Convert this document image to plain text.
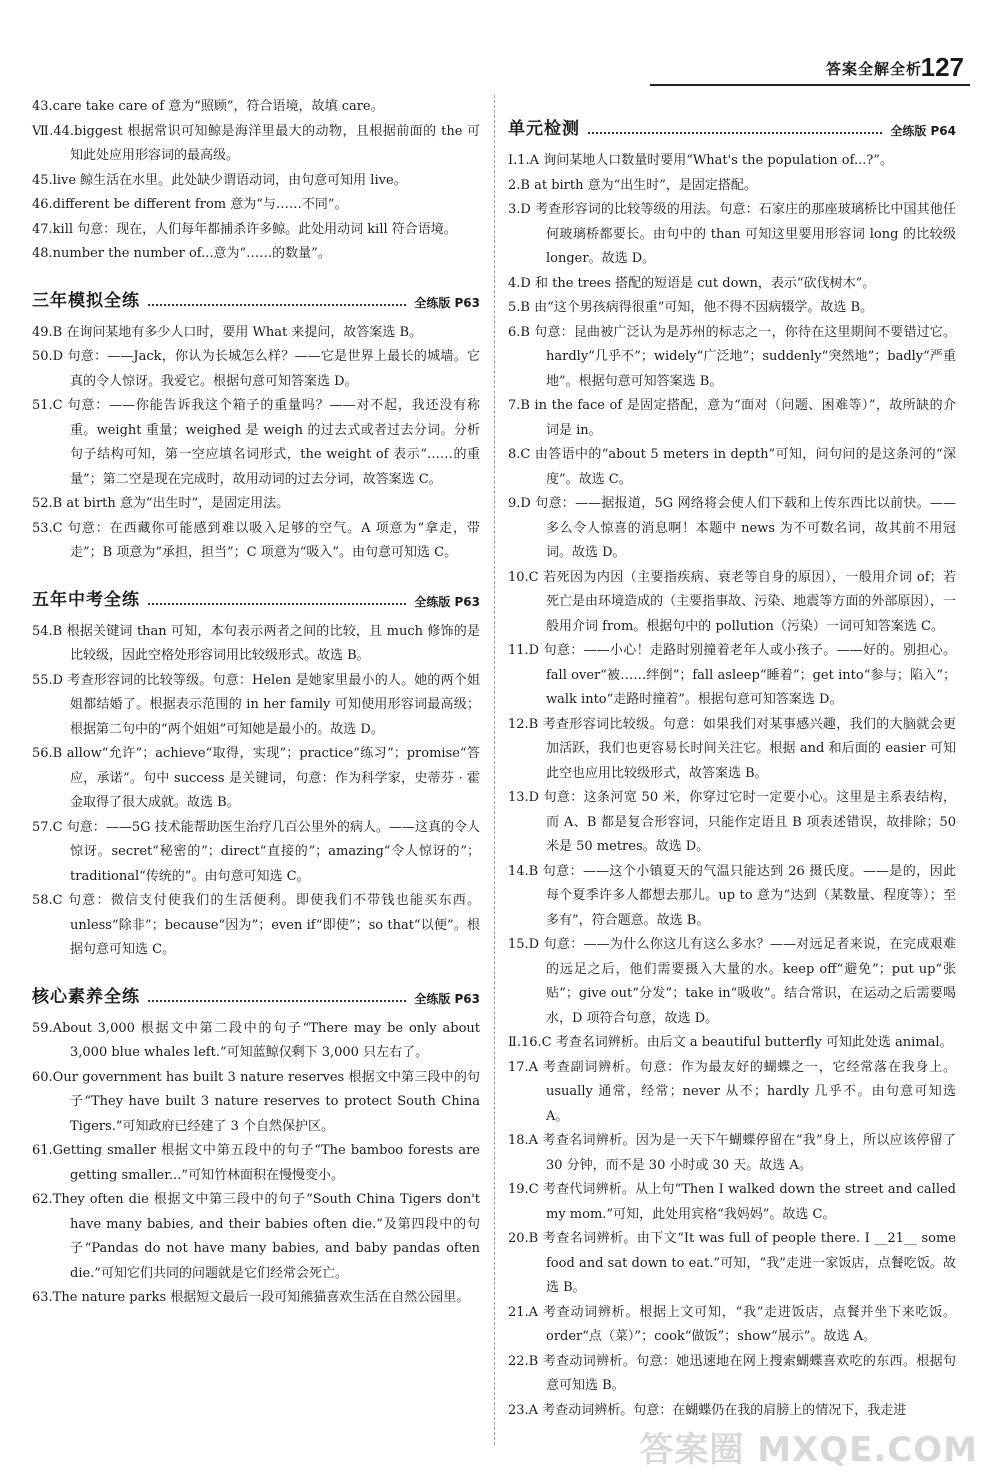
答案全解全析
127

43.care take care of 意为“照顾”，符合语境，故填 care。

Ⅶ.44.biggest 根据常识可知鲸是海洋里最大的动物，且根据前面的 the 可知此处应用形容词的最高级。

45.live 鲸生活在水里。此处缺少谓语动词，由句意可知用 live。

46.different be different from 意为“与……不同”。

47.kill 句意：现在，人们每年都捕杀许多鲸。此处用动词 kill 符合语境。

48.number the number of...意为“……的数量”。

三年模拟全练	全练版 P63

49.B 在询问某地有多少人口时，要用 What 来提问，故答案选 B。

50.D 句意：——Jack，你认为长城怎么样？——它是世界上最长的城墙。它真的令人惊讶。我爱它。根据句意可知答案选 D。

51.C 句意：——你能告诉我这个箱子的重量吗？——对不起，我还没有称重。weight 重量；weighed 是 weigh 的过去式或者过去分词。分析句子结构可知，第一空应填名词形式，the weight of 表示“……的重量”；第二空是现在完成时，故用动词的过去分词，故答案选 C。

52.B at birth 意为“出生时”，是固定用法。

53.C 句意：在西藏你可能感到难以吸入足够的空气。A 项意为“拿走，带走”；B 项意为“承担，担当”；C 项意为“吸入”。由句意可知选 C。

五年中考全练	全练版 P63

54.B 根据关键词 than 可知，本句表示两者之间的比较，且 much 修饰的是比较级，因此空格处形容词用比较级形式。故选 B。

55.D 考查形容词的比较等级。句意：Helen 是她家里最小的人。她的两个姐姐都结婚了。根据表示范围的 in her family 可知使用形容词最高级；根据第二句中的“两个姐姐”可知她是最小的。故选 D。

56.B allow“允许”；achieve“取得，实现”；practice“练习”；promise“答应，承诺”。句中 success 是关键词，句意：作为科学家，史蒂芬 · 霍金取得了很大成就。故选 B。

57.C 句意：——5G 技术能帮助医生治疗几百公里外的病人。——这真的令人惊讶。secret“秘密的”；direct“直接的”；amazing“令人惊讶的”；traditional“传统的”。由句意可知选 C。

58.C 句意：微信支付使我们的生活便利。即使我们不带钱也能买东西。unless“除非”；because“因为”；even if“即使”；so that“以便”。根据句意可知选 C。

核心素养全练	全练版 P63

59.About 3,000 根据文中第二段中的句子“There may be only about 3,000 blue whales left.”可知蓝鲸仅剩下 3,000 只左右了。

60.Our government has built 3 nature reserves 根据文中第三段中的句子“They have built 3 nature reserves to protect South China Tigers.”可知政府已经建了 3 个自然保护区。

61.Getting smaller 根据文中第五段中的句子“The bamboo forests are getting smaller...”可知竹林面积在慢慢变小。

62.They often die 根据文中第三段中的句子“South China Tigers don't have many babies, and their babies often die.”及第四段中的句子“Pandas do not have many babies, and baby pandas often die.”可知它们共同的问题就是它们经常会死亡。

63.The nature parks 根据短文最后一段可知熊猫喜欢生活在自然公园里。

单元检测	全练版 P64

Ⅰ.1.A 询问某地人口数量时要用“What's the population of...?”。

2.B at birth 意为“出生时”，是固定搭配。

3.D 考查形容词的比较等级的用法。句意：石家庄的那座玻璃桥比中国其他任何玻璃桥都要长。由句中的 than 可知这里要用形容词 long 的比较级 longer。故选 D。

4.D 和 the trees 搭配的短语是 cut down，表示“砍伐树木”。

5.B 由“这个男孩病得很重”可知，他不得不因病辍学。故选 B。

6.B 句意：昆曲被广泛认为是苏州的标志之一，你待在这里期间不要错过它。hardly“几乎不”；widely“广泛地”；suddenly“突然地”；badly“严重地”。根据句意可知答案选 B。

7.B in the face of 是固定搭配，意为“面对（问题、困难等）”，故所缺的介词是 in。

8.C 由答语中的“about 5 meters in depth”可知，问句问的是这条河的“深度”。故选 C。

9.D 句意：——据报道，5G 网络将会使人们下载和上传东西比以前快。——多么令人惊喜的消息啊！本题中 news 为不可数名词，故其前不用冠词。故选 D。

10.C 若死因为内因（主要指疾病、衰老等自身的原因），一般用介词 of；若死亡是由环境造成的（主要指事故、污染、地震等方面的外部原因），一般用介词 from。根据句中的 pollution（污染）一词可知答案选 C。

11.D 句意：——小心！走路时别撞着老年人或小孩子。——好的。别担心。fall over“被……绊倒”；fall asleep“睡着”；get into“参与；陷入”；walk into“走路时撞着”。根据句意可知答案选 D。

12.B 考查形容词比较级。句意：如果我们对某事感兴趣，我们的大脑就会更加活跃，我们也更容易长时间关注它。根据 and 和后面的 easier 可知此空也应用比较级形式，故答案选 B。

13.D 句意：这条河宽 50 米，你穿过它时一定要小心。这里是主系表结构，而 A、B 都是复合形容词，只能作定语且 B 项表述错误，故排除；50 米是 50 metres。故选 D。

14.B 句意：——这个小镇夏天的气温只能达到 26 摄氏度。——是的，因此每个夏季许多人都想去那儿。up to 意为“达到（某数量、程度等）；至多有”，符合题意。故选 B。

15.D 句意：——为什么你这儿有这么多水？——对远足者来说，在完成艰难的远足之后，他们需要摄入大量的水。keep off“避免”；put up“张贴”；give out“分发”；take in“吸收”。结合常识，在运动之后需要喝水，D 项符合句意，故选 D。

Ⅱ.16.C 考查名词辨析。由后文 a beautiful butterfly 可知此处选 animal。

17.A 考查副词辨析。句意：作为最友好的蝴蝶之一，它经常落在我身上。usually 通常，经常；never 从不；hardly 几乎不。由句意可知选 A。

18.A 考查名词辨析。因为是一天下午蝴蝶停留在“我”身上，所以应该停留了 30 分钟，而不是 30 小时或 30 天。故选 A。

19.C 考查代词辨析。从上句“Then I walked down the street and called my mom.”可知，此处用宾格“我妈妈”。故选 C。

20.B 考查名词辨析。由下文“It was full of people there. I __21__ some food and sat down to eat.”可知，“我”走进一家饭店，点餐吃饭。故选 B。

21.A 考查动词辨析。根据上文可知，“我”走进饭店，点餐并坐下来吃饭。order“点（菜）”；cook“做饭”；show“展示”。故选 A。

22.B 考查动词辨析。句意：她迅速地在网上搜索蝴蝶喜欢吃的东西。根据句意可知选 B。

23.A 考查动词辨析。句意：在蝴蝶仍在我的肩膀上的情况下，我走进

答案圈 MXQE.COM
